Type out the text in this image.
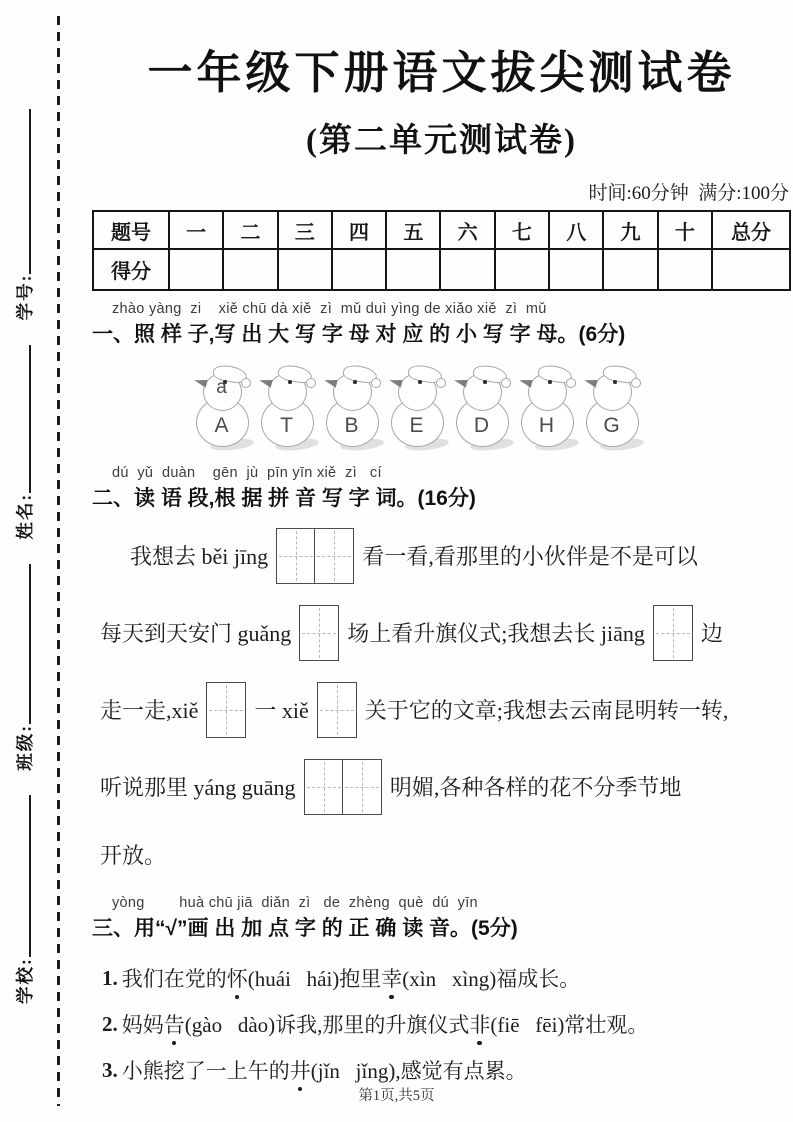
学校: 班级: 姓名: 学号:
一年级下册语文拔尖测试卷
(第二单元测试卷)
时间:60分钟  满分:100分
题号	一	二	三	四	五	六	七	八	九	十	总分
得分											
zhào yàng  zi    xiě chū dà xiě  zì  mǔ duì yìng de xiǎo xiě  zì  mǔ
一、照 样 子,写 出 大 写 字 母 对 应 的 小 写 字 母。(6分)
a
A	T	B	E	D	H	G
dú  yǔ  duàn    gēn  jù  pīn yīn xiě  zì   cí
二、读 语 段,根 据 拼 音 写 字 词。(16分)
我想去 běi jīng	看一看,看那里的小伙伴是不是可以
每天到天安门 guǎng	场上看升旗仪式;我想去长 jiāng	边
走一走,xiě	一 xiě	关于它的文章;我想去云南昆明转一转,
听说那里 yáng guāng	明媚,各种各样的花不分季节地
开放。
yòng        huà chū jiā  diǎn  zì   de  zhèng  què  dú  yīn
三、用“√”画 出 加 点 字 的 正 确 读 音。(5分)
1. 我们在党的 怀 (huái   hái)抱里 幸 (xìn   xìng)福成长。
2. 妈妈 告 (gào   dào)诉我,那里的升旗仪式 非 (fiē   fēi)常壮观。
3. 小熊挖了一上午的 井 (jǐn   jǐng),感觉有点累。
第1页,共5页
